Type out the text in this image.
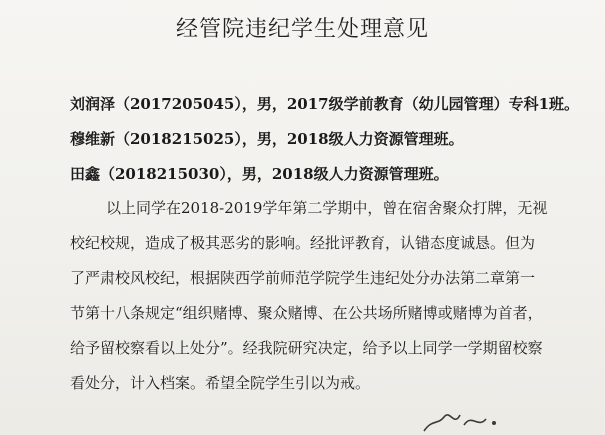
经管院违纪学生处理意见
刘润泽（2017205045），男，2017级学前教育（幼儿园管理）专科1班。
穆维新（2018215025），男，2018级人力资源管理班。
田鑫（2018215030），男，2018级人力资源管理班。
以上同学在2018-2019学年第二学期中，曾在宿舍聚众打牌，无视
校纪校规，造成了极其恶劣的影响。经批评教育，认错态度诚恳。但为
了严肃校风校纪，根据陕西学前师范学院学生违纪处分办法第二章第一
节第十八条规定“组织赌博、聚众赌博、在公共场所赌博或赌博为首者，
给予留校察看以上处分”。经我院研究决定，给予以上同学一学期留校察
看处分，计入档案。希望全院学生引以为戒。
